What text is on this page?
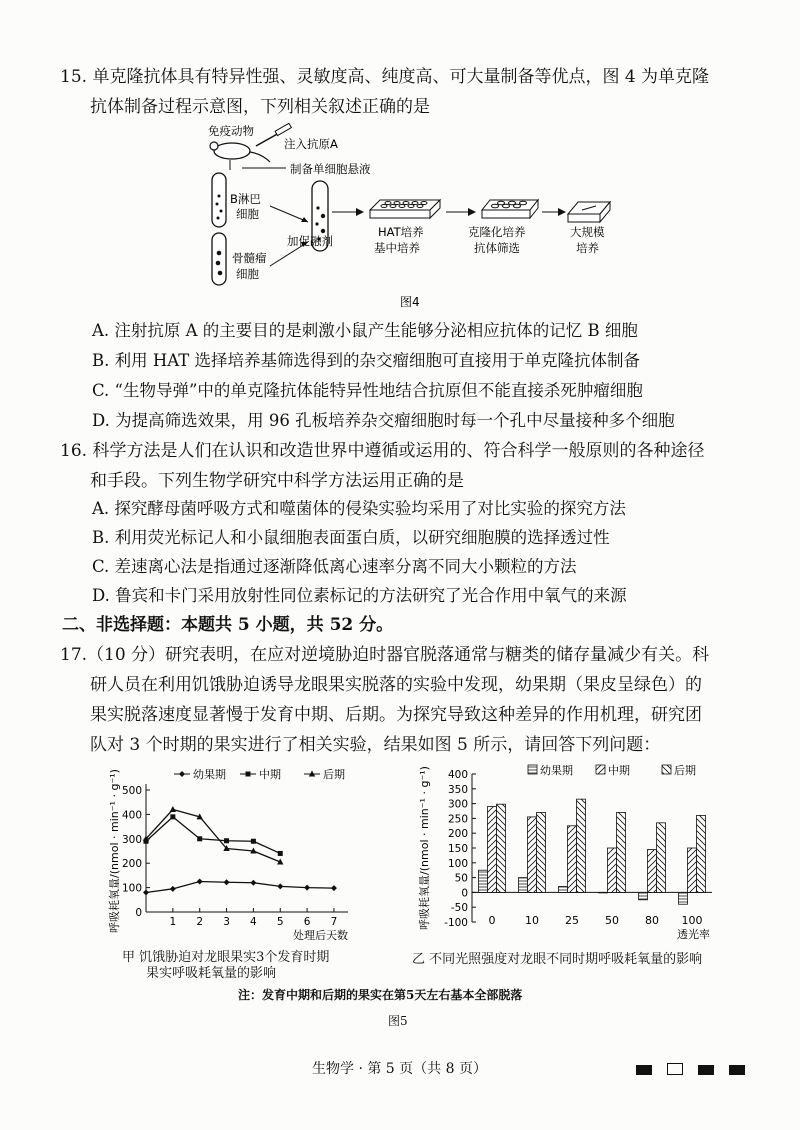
15. 单克隆抗体具有特异性强、灵敏度高、纯度高、可大量制备等优点，图 4 为单克隆
抗体制备过程示意图，下列相关叙述正确的是
免疫动物
注入抗原A
制备单细胞悬液
B淋巴
细胞
骨髓瘤
细胞
加促融剂
HAT培养
基中培养
克隆化培养
抗体筛选
大规模
培养
图4
A. 注射抗原 A 的主要目的是刺激小鼠产生能够分泌相应抗体的记忆 B 细胞
B. 利用 HAT 选择培养基筛选得到的杂交瘤细胞可直接用于单克隆抗体制备
C. “生物导弹”中的单克隆抗体能特异性地结合抗原但不能直接杀死肿瘤细胞
D. 为提高筛选效果，用 96 孔板培养杂交瘤细胞时每一个孔中尽量接种多个细胞
16. 科学方法是人们在认识和改造世界中遵循或运用的、符合科学一般原则的各种途径
和手段。下列生物学研究中科学方法运用正确的是
A. 探究酵母菌呼吸方式和噬菌体的侵染实验均采用了对比实验的探究方法
B. 利用荧光标记人和小鼠细胞表面蛋白质，以研究细胞膜的选择透过性
C. 差速离心法是指通过逐渐降低离心速率分离不同大小颗粒的方法
D. 鲁宾和卡门采用放射性同位素标记的方法研究了光合作用中氧气的来源
二、非选择题：本题共 5 小题，共 52 分。
17.（10 分）研究表明，在应对逆境胁迫时器官脱落通常与糖类的储存量减少有关。科
研人员在利用饥饿胁迫诱导龙眼果实脱落的实验中发现，幼果期（果皮呈绿色）的
果实脱落速度显著慢于发育中期、后期。为探究导致这种差异的作用机理，研究团
队对 3 个时期的果实进行了相关实验，结果如图 5 所示，请回答下列问题：
呼吸耗氧量/(nmol · min⁻¹ · g⁻¹) 0
100
200
300
400
500
1 2 3 4 5 6 7
处理后天数
幼果期	中期	后期
甲 饥饿胁迫对龙眼果实3个发育时期
果实呼吸耗氧量的影响
呼吸耗氧量/(nmol · min⁻¹ · g⁻¹) -100
-50
0
50
100
150
200
250
300
350
400
0	10 25 50 80 100
透光率
幼果期	中期	后期
乙 不同光照强度对龙眼不同时期呼吸耗氧量的影响
注：发育中期和后期的果实在第5天左右基本全部脱落
图5
生物学 · 第 5 页（共 8 页）
